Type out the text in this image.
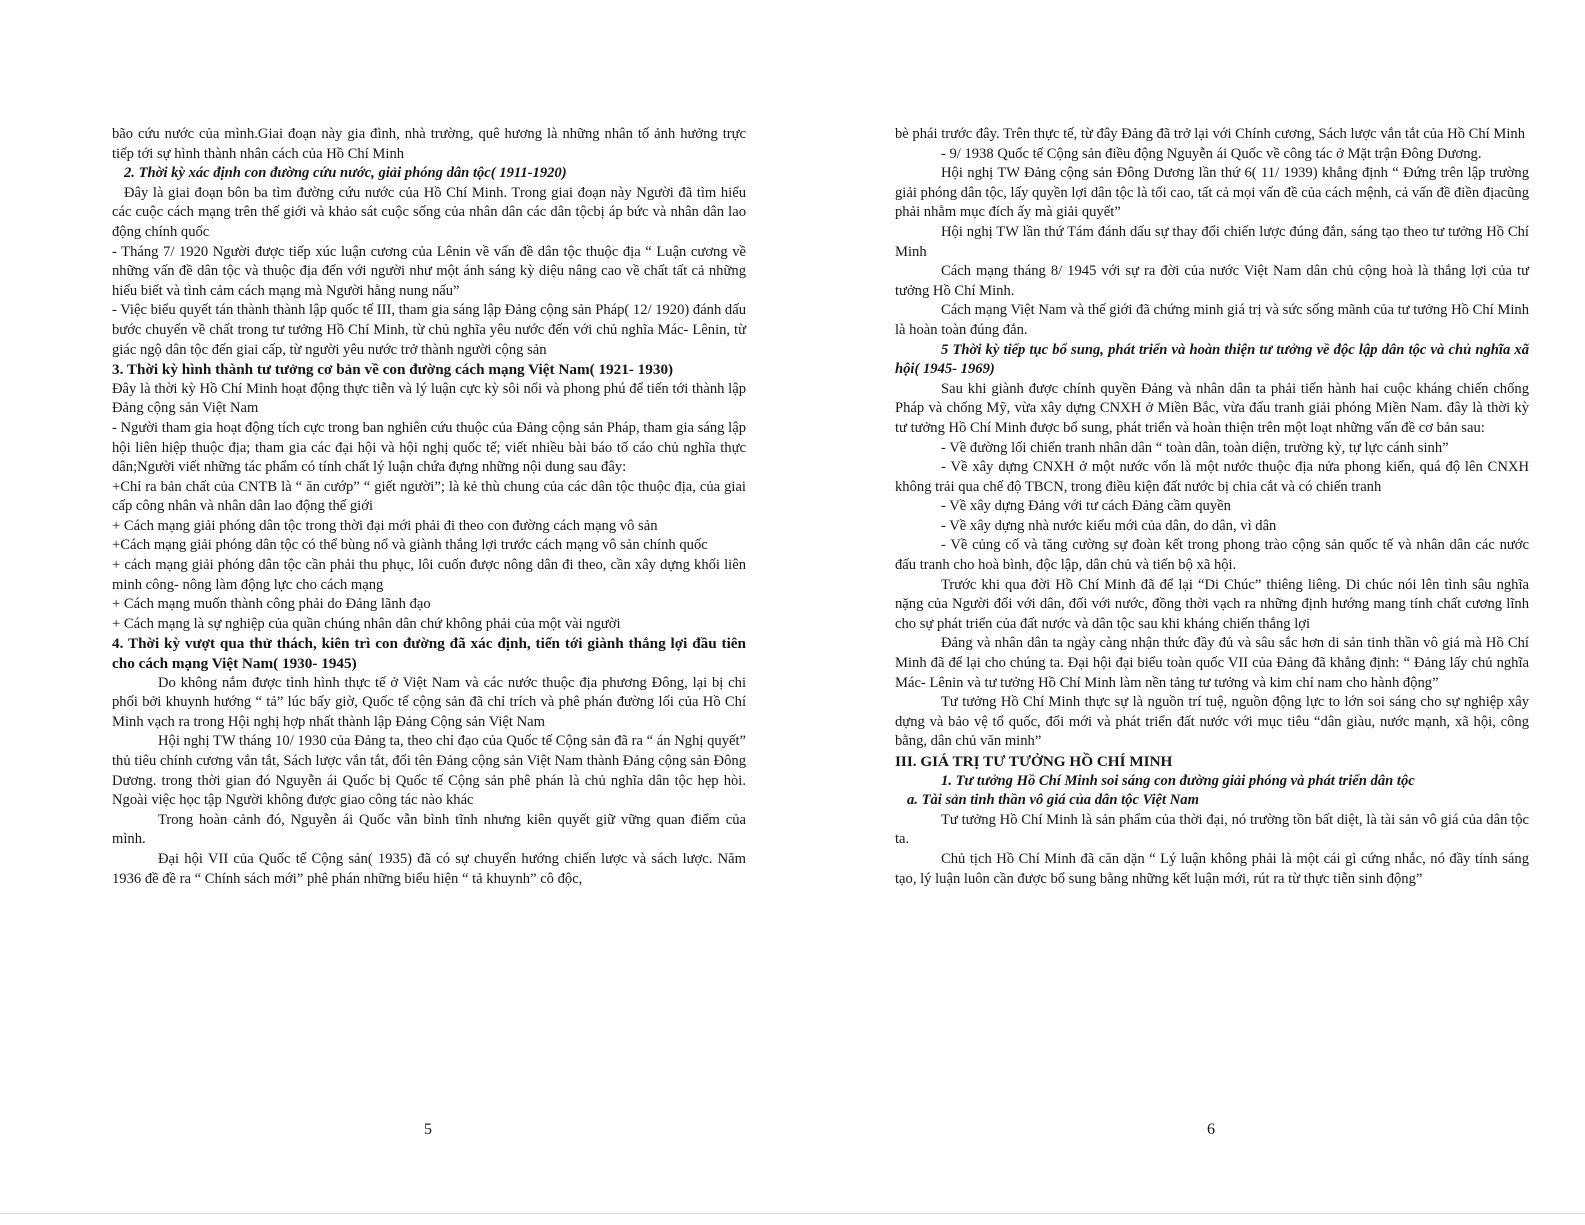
bão cứu nước của mình.Giai đoạn này gia đình, nhà trường, quê hương là những nhân tố ảnh hưởng trực tiếp tới sự hình thành nhân cách của Hồ Chí Minh

2. Thời kỳ xác định con đường cứu nước, giải phóng dân tộc( 1911-1920)

Đây là giai đoạn bôn ba tìm đường cứu nước của Hồ Chí Minh. Trong giai đoạn này Người đã tìm hiểu các cuộc cách mạng trên thế giới và khảo sát cuộc sống của nhân dân các dân tộcbị áp bức và nhân dân lao động chính quốc

- Tháng 7/ 1920 Người được tiếp xúc luận cương của Lênin về vấn đề dân tộc thuộc địa “ Luận cương về những vấn đề dân tộc và thuộc địa đến với người như một ánh sáng kỳ diệu nâng cao về chất tất cả những hiểu biết và tình cảm cách mạng mà Người hằng nung nấu”

- Việc biểu quyết tán thành thành lập quốc tế III, tham gia sáng lập Đảng cộng sản Pháp( 12/ 1920) đánh dấu bước chuyển về chất trong tư tưởng Hồ Chí Minh, từ chủ nghĩa yêu nước đến với chủ nghĩa Mác- Lênin, từ giác ngộ dân tộc đến giai cấp, từ người yêu nước trở thành người cộng sản

3. Thời kỳ hình thành tư tưởng cơ bản về con đường cách mạng Việt Nam( 1921- 1930)

Đây là thời kỳ Hồ Chí Minh hoạt động thực tiễn và lý luận cực kỳ sôi nổi và phong phú để tiến tới thành lập Đảng cộng sản Việt Nam

- Người tham gia hoạt động tích cực trong ban nghiên cứu thuộc của Đảng cộng sản Pháp, tham gia sáng lập hội liên hiệp thuộc địa; tham gia các đại hội và hội nghị quốc tế; viết nhiều bài báo tố cáo chủ nghĩa thực dân;Người viết những tác phẩm có tính chất lý luận chứa đựng những nội dung sau đây:

+Chỉ ra bản chất của CNTB là “ ăn cướp” “ giết người”; là kẻ thù chung của các dân tộc thuộc địa, của giai cấp công nhân và nhân dân lao động thế giới

+ Cách mạng giải phóng dân tộc trong thời đại mới phải đi theo con đường cách mạng vô sản

+Cách mạng giải phóng dân tộc có thể bùng nổ và giành thắng lợi trước cách mạng vô sản chính quốc

+ cách mạng giải phóng dân tộc cần phải thu phục, lôi cuốn được nông dân đi theo, cần xây dựng khối liên minh công- nông làm động lực cho cách mạng

+ Cách mạng muốn thành công phải do Đảng lãnh đạo

+ Cách mạng là sự nghiệp của quần chúng nhân dân chứ không phải của một vài người

4. Thời kỳ vượt qua thử thách, kiên trì con đường đã xác định, tiến tới giành thắng lợi đầu tiên cho cách mạng Việt Nam( 1930- 1945)

Do không nắm được tình hình thực tế ở Việt Nam và các nước thuộc địa phương Đông, lại bị chi phối bởi khuynh hướng “ tả” lúc bấy giờ, Quốc tế cộng sản đã chỉ trích và phê phán đường lối của Hồ Chí Minh vạch ra trong Hội nghị hợp nhất thành lập Đảng Cộng sản Việt Nam

Hội nghị TW tháng 10/ 1930 của Đảng ta, theo chỉ đạo của Quốc tế Cộng sản đã ra “ án Nghị quyết” thủ tiêu chính cương vắn tắt, Sách lược vắn tắt, đổi tên Đảng cộng sản Việt Nam thành Đảng cộng sản Đông Dương. trong thời gian đó Nguyễn ái Quốc bị Quốc tế Cộng sản phê phán là chủ nghĩa dân tộc hẹp hòi. Ngoài việc học tập Người không được giao công tác nào khác

Trong hoàn cảnh đó, Nguyễn ái Quốc vẫn bình tĩnh nhưng kiên quyết giữ vững quan điểm của mình.

Đại hội VII của Quốc tế Cộng sản( 1935) đã có sự chuyển hướng chiến lược và sách lược. Năm 1936 đề đề ra “ Chính sách mới” phê phán những biểu hiện “ tả khuynh” cô độc,

bè phái trước đây. Trên thực tế, từ đây Đảng đã trở lại với Chính cương, Sách lược vắn tắt của Hồ Chí Minh

- 9/ 1938 Quốc tế Cộng sản điều động Nguyễn ái Quốc về công tác ở Mặt trận Đông Dương.

Hội nghị TW Đảng cộng sản Đông Dương lần thứ 6( 11/ 1939) khẳng định “ Đứng trên lập trường giải phóng dân tộc, lấy quyền lợi dân tộc là tối cao, tất cả mọi vấn đề của cách mệnh, cả vấn đề điền địacũng phải nhằm mục đích ấy mà giải quyết”

Hội nghị TW lần thứ Tám đánh dấu sự thay đổi chiến lược đúng đắn, sáng tạo theo tư tưởng Hồ Chí Minh

Cách mạng tháng 8/ 1945 với sự ra đời của nước Việt Nam dân chủ cộng hoà là thắng lợi của tư tưởng Hồ Chí Minh.

Cách mạng Việt Nam và thế giới đã chứng minh giá trị và sức sống mãnh của tư tưởng Hồ Chí Minh là hoàn toàn đúng đắn.

5 Thời kỳ tiếp tục bổ sung, phát triển và hoàn thiện tư tưởng về độc lập dân tộc và chủ nghĩa xã hội( 1945- 1969)

Sau khi giành được chính quyền Đảng và nhân dân ta phải tiến hành hai cuộc kháng chiến chống Pháp và chống Mỹ, vừa xây dựng CNXH ở Miền Bắc, vừa đấu tranh giải phóng Miền Nam. đây là thời kỳ tư tưởng Hồ Chí Minh được bổ sung, phát triển và hoàn thiện trên một loạt những vấn đề cơ bản sau:

- Về đường lối chiến tranh nhân dân “ toàn dân, toàn diện, trường kỳ, tự lực cánh sinh”

- Về xây dựng CNXH ở một nước vốn là một nước thuộc địa nửa phong kiến, quá độ lên CNXH không trải qua chế độ TBCN, trong điều kiện đất nước bị chia cắt và có chiến tranh

- Về xây dựng Đảng với tư cách Đảng cầm quyền

- Về xây dựng nhà nước kiểu mới của dân, do dân, vì dân

- Về củng cố và tăng cường sự đoàn kết trong phong trào cộng sản quốc tế và nhân dân các nước đấu tranh cho hoà bình, độc lập, dân chủ và tiến bộ xã hội.

Trước khi qua đời Hồ Chí Minh đã để lại “Di Chúc” thiêng liêng. Di chúc nói lên tình sâu nghĩa nặng của Người đối với dân, đối với nước, đồng thời vạch ra những định hướng mang tính chất cương lĩnh cho sự phát triển của đất nước và dân tộc sau khi kháng chiến thắng lợi

Đảng và nhân dân ta ngày càng nhận thức đầy đủ và sâu sắc hơn di sản tinh thần vô giá mà Hồ Chí Minh đã để lại cho chúng ta. Đại hội đại biểu toàn quốc VII của Đảng đã khẳng định: “ Đảng lấy chủ nghĩa Mác- Lênin và tư tưởng Hồ Chí Minh làm nền tảng tư tưởng và kim chỉ nam cho hành động”

Tư tưởng Hồ Chí Minh thực sự là nguồn trí tuệ, nguồn động lực to lớn soi sáng cho sự nghiệp xây dựng và bảo vệ tổ quốc, đổi mới và phát triển đất nước với mục tiêu “dân giàu, nước mạnh, xã hội, công bằng, dân chủ văn minh”

III. GIÁ TRỊ TƯ TƯỞNG HỒ CHÍ MINH

1. Tư tưởng Hồ Chí Minh soi sáng con đường giải phóng và phát triển dân tộc

a. Tài sản tinh thần vô giá của dân tộc Việt Nam

Tư tưởng Hồ Chí Minh là sản phẩm của thời đại, nó trường tồn bất diệt, là tài sản vô giá của dân tộc ta.

Chủ tịch Hồ Chí Minh đã căn dặn “ Lý luận không phải là một cái gì cứng nhắc, nó đầy tính sáng tạo, lý luận luôn cần được bổ sung bằng những kết luận mới, rút ra từ thực tiễn sinh động”

5	6
